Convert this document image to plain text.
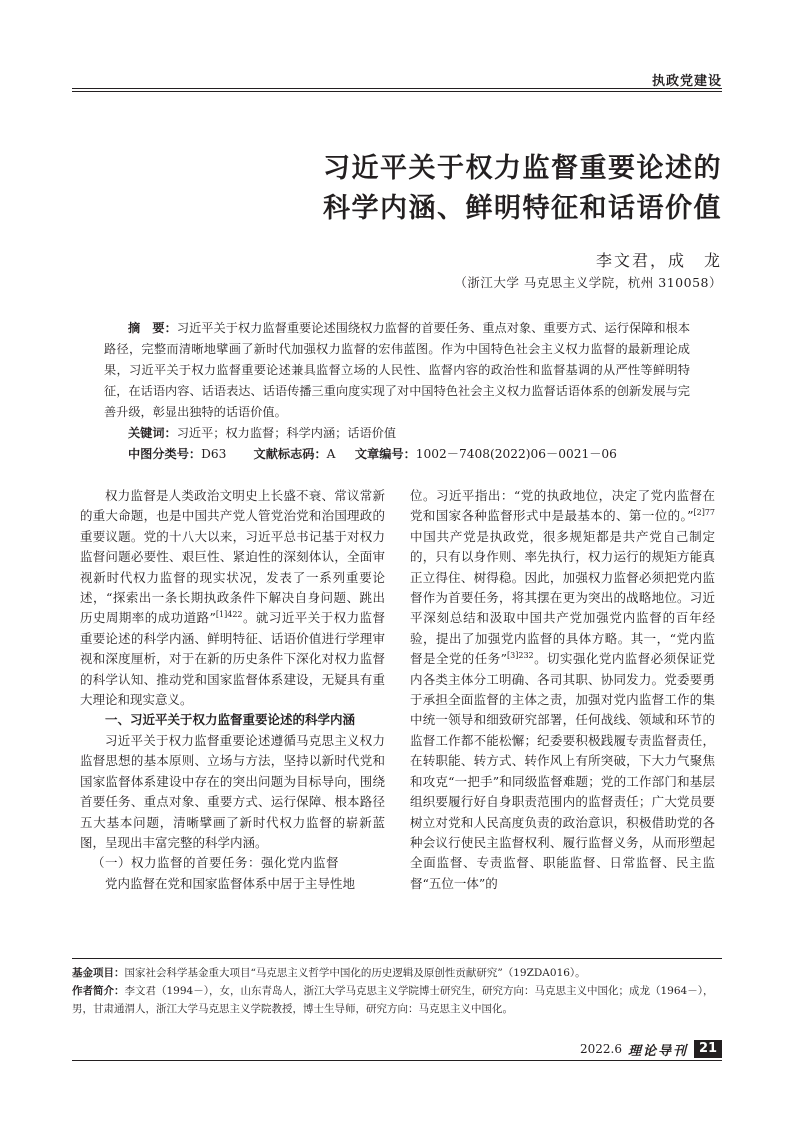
执政党建设
习近平关于权力监督重要论述的
科学内涵、鲜明特征和话语价值
李文君，成　龙
（浙江大学 马克思主义学院，杭州 310058）

摘　要：习近平关于权力监督重要论述围绕权力监督的首要任务、重点对象、重要方式、运行保障和根本路径，完整而清晰地擘画了新时代加强权力监督的宏伟蓝图。作为中国特色社会主义权力监督的最新理论成果，习近平关于权力监督重要论述兼具监督立场的人民性、监督内容的政治性和监督基调的从严性等鲜明特征，在话语内容、话语表达、话语传播三重向度实现了对中国特色社会主义权力监督话语体系的创新发展与完善升级，彰显出独特的话语价值。

关键词：习近平；权力监督；科学内涵；话语价值
中图分类号：D63 文献标志码：A 文章编号：1002－7408(2022)06－0021－06

权力监督是人类政治文明史上长盛不衰、常议常新的重大命题，也是中国共产党人管党治党和治国理政的重要议题。党的十八大以来，习近平总书记基于对权力监督问题必要性、艰巨性、紧迫性的深刻体认，全面审视新时代权力监督的现实状况，发表了一系列重要论述，“探索出一条长期执政条件下解决自身问题、跳出历史周期率的成功道路”$^{[1]422}$。就习近平关于权力监督重要论述的科学内涵、鲜明特征、话语价值进行学理审视和深度厘析，对于在新的历史条件下深化对权力监督的科学认知、推动党和国家监督体系建设，无疑具有重大理论和现实意义。

一、习近平关于权力监督重要论述的科学内涵

习近平关于权力监督重要论述遵循马克思主义权力监督思想的基本原则、立场与方法，坚持以新时代党和国家监督体系建设中存在的突出问题为目标导向，围绕首要任务、重点对象、重要方式、运行保障、根本路径五大基本问题，清晰擘画了新时代权力监督的崭新蓝图，呈现出丰富完整的科学内涵。

（一）权力监督的首要任务：强化党内监督

党内监督在党和国家监督体系中居于主导性地

位。习近平指出：“党的执政地位，决定了党内监督在党和国家各种监督形式中是最基本的、第一位的。”$^{[2]77}$中国共产党是执政党，很多规矩都是共产党自己制定的，只有以身作则、率先执行，权力运行的规矩方能真正立得住、树得稳。因此，加强权力监督必须把党内监督作为首要任务，将其摆在更为突出的战略地位。习近平深刻总结和汲取中国共产党加强党内监督的百年经验，提出了加强党内监督的具体方略。其一，“党内监督是全党的任务”$^{[3]232}$。切实强化党内监督必须保证党内各类主体分工明确、各司其职、协同发力。党委要勇于承担全面监督的主体之责，加强对党内监督工作的集中统一领导和细致研究部署，任何战线、领域和环节的监督工作都不能松懈；纪委要积极践履专责监督责任，在转职能、转方式、转作风上有所突破，下大力气聚焦和攻克“一把手”和同级监督难题；党的工作部门和基层组织要履行好自身职责范围内的监督责任；广大党员要树立对党和人民高度负责的政治意识，积极借助党的各种会议行使民主监督权利、履行监督义务，从而形塑起全面监督、专责监督、职能监督、日常监督、民主监督“五位一体”的

基金项目：国家社会科学基金重大项目“马克思主义哲学中国化的历史逻辑及原创性贡献研究”（19ZDA016）。

作者简介：李文君（1994－），女，山东青岛人，浙江大学马克思主义学院博士研究生，研究方向：马克思主义中国化；成龙（1964－），男，甘肃通渭人，浙江大学马克思主义学院教授，博士生导师，研究方向：马克思主义中国化。

2022.6 理论导刊 21
